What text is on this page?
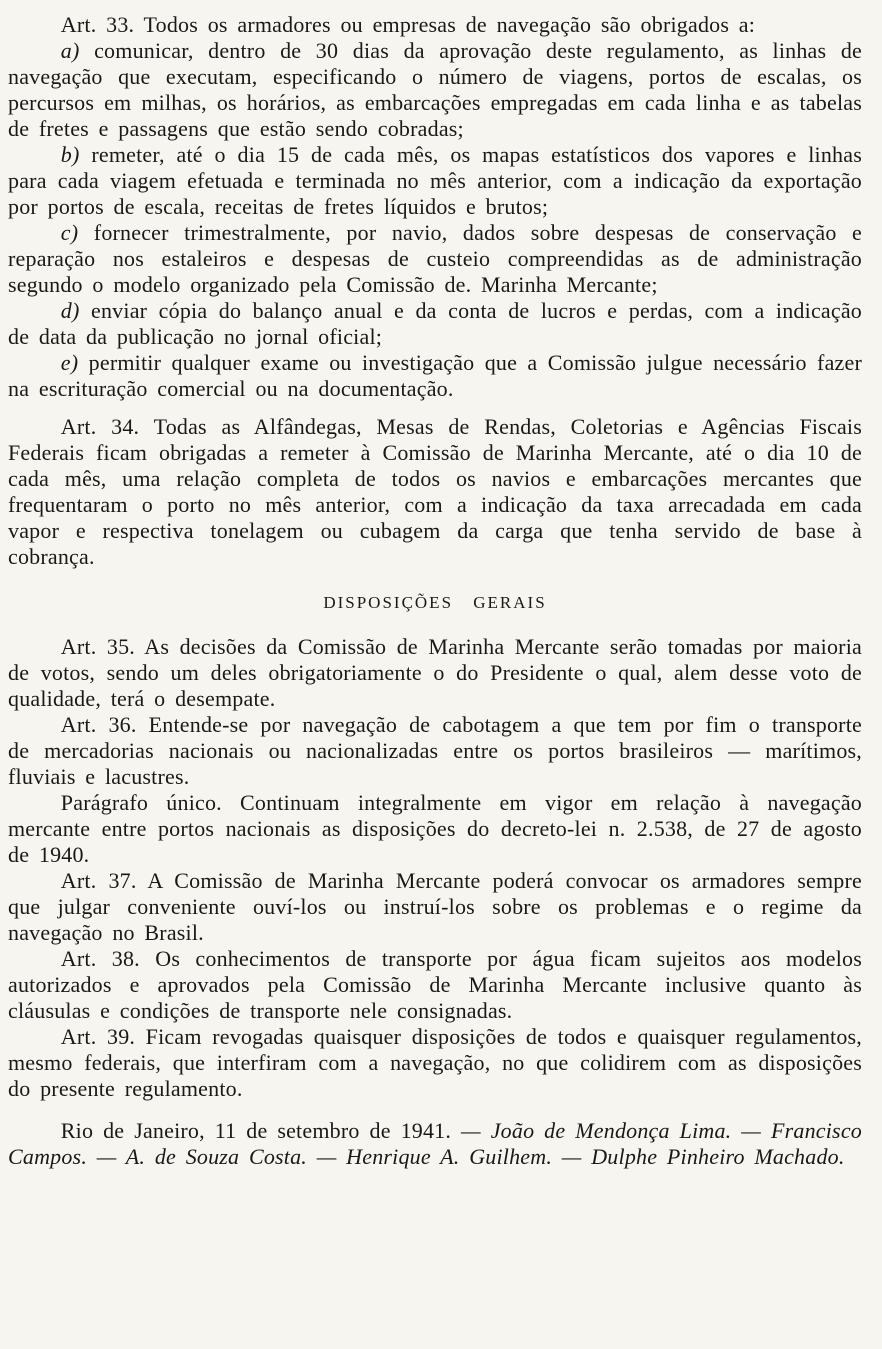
Art. 33. Todos os armadores ou empresas de navegação são obrigados a:

a) comunicar, dentro de 30 dias da aprovação deste regulamento, as linhas de navegação que executam, especificando o número de viagens, portos de escalas, os percursos em milhas, os horários, as embarcações empregadas em cada linha e as tabelas de fretes e passagens que estão sendo cobradas;

b) remeter, até o dia 15 de cada mês, os mapas estatísticos dos vapores e linhas para cada viagem efetuada e terminada no mês anterior, com a indicação da exportação por portos de escala, receitas de fretes líquidos e brutos;

c) fornecer trimestralmente, por navio, dados sobre despesas de conservação e reparação nos estaleiros e despesas de custeio compreendidas as de administração segundo o modelo organizado pela Comissão de. Marinha Mercante;

d) enviar cópia do balanço anual e da conta de lucros e perdas, com a indicação de data da publicação no jornal oficial;

e) permitir qualquer exame ou investigação que a Comissão julgue necessário fazer na escrituração comercial ou na documentação.

Art. 34. Todas as Alfândegas, Mesas de Rendas, Coletorias e Agências Fiscais Federais ficam obrigadas a remeter à Comissão de Marinha Mercante, até o dia 10 de cada mês, uma relação completa de todos os navios e embarcações mercantes que frequentaram o porto no mês anterior, com a indicação da taxa arrecadada em cada vapor e respectiva tonelagem ou cubagem da carga que tenha servido de base à cobrança.

DISPOSIÇÕES GERAIS

Art. 35. As decisões da Comissão de Marinha Mercante serão tomadas por maioria de votos, sendo um deles obrigatoriamente o do Presidente o qual, alem desse voto de qualidade, terá o desempate.

Art. 36. Entende-se por navegação de cabotagem a que tem por fim o transporte de mercadorias nacionais ou nacionalizadas entre os portos brasileiros — marítimos, fluviais e lacustres.

Parágrafo único. Continuam integralmente em vigor em relação à navegação mercante entre portos nacionais as disposições do decreto-lei n. 2.538, de 27 de agosto de 1940.

Art. 37. A Comissão de Marinha Mercante poderá convocar os armadores sempre que julgar conveniente ouví-los ou instruí-los sobre os problemas e o regime da navegação no Brasil.

Art. 38. Os conhecimentos de transporte por água ficam sujeitos aos modelos autorizados e aprovados pela Comissão de Marinha Mercante inclusive quanto às cláusulas e condições de transporte nele consignadas.

Art. 39. Ficam revogadas quaisquer disposições de todos e quaisquer regulamentos, mesmo federais, que interfiram com a navegação, no que colidirem com as disposições do presente regulamento.

Rio de Janeiro, 11 de setembro de 1941. — João de Mendonça Lima. — Francisco Campos. — A. de Souza Costa. — Henrique A. Guilhem. — Dulphe Pinheiro Machado.
